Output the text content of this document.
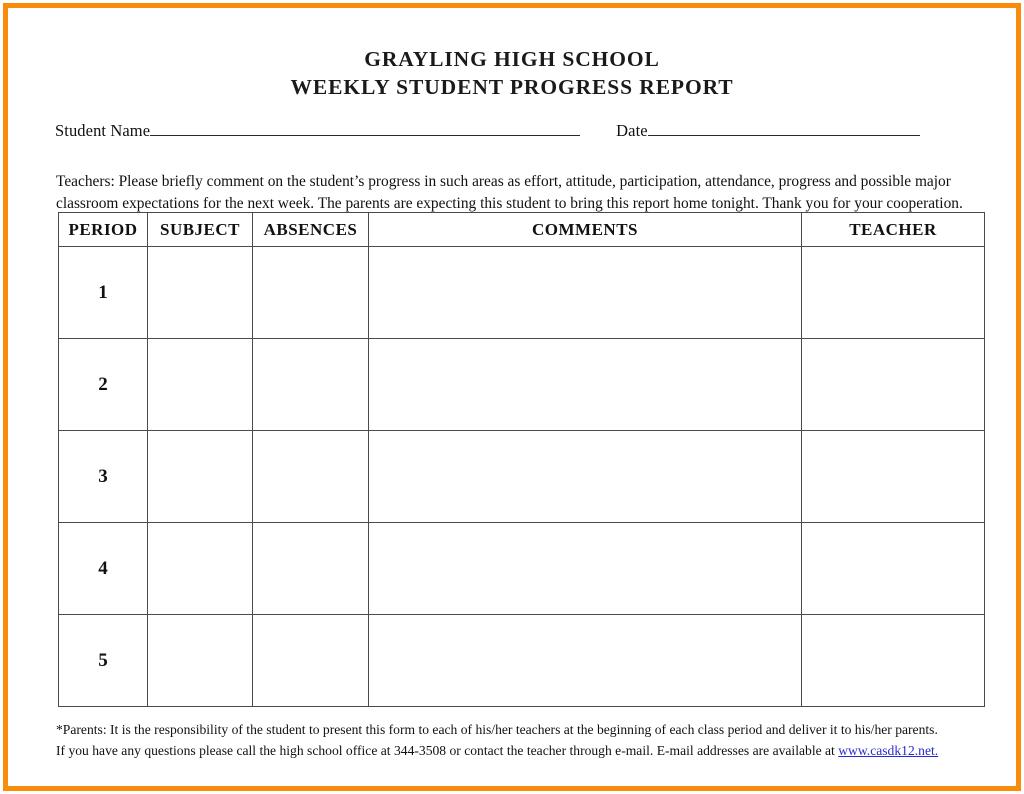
GRAYLING HIGH SCHOOL
WEEKLY STUDENT PROGRESS REPORT
Student Name	Date

Teachers: Please briefly comment on the student’s progress in such areas as effort, attitude, participation, attendance, progress and possible major classroom expectations for the next week. The parents are expecting this student to bring this report home tonight. Thank you for your cooperation.

PERIOD	SUBJECT	ABSENCES	COMMENTS	TEACHER
1				
2				
3				
4				
5				
*Parents: It is the responsibility of the student to present this form to each of his/her teachers at the beginning of each class period and deliver it to his/her parents.
If you have any questions please call the high school office at 344-3508 or contact the teacher through e-mail. E-mail addresses are available at www.casdk12.net.
